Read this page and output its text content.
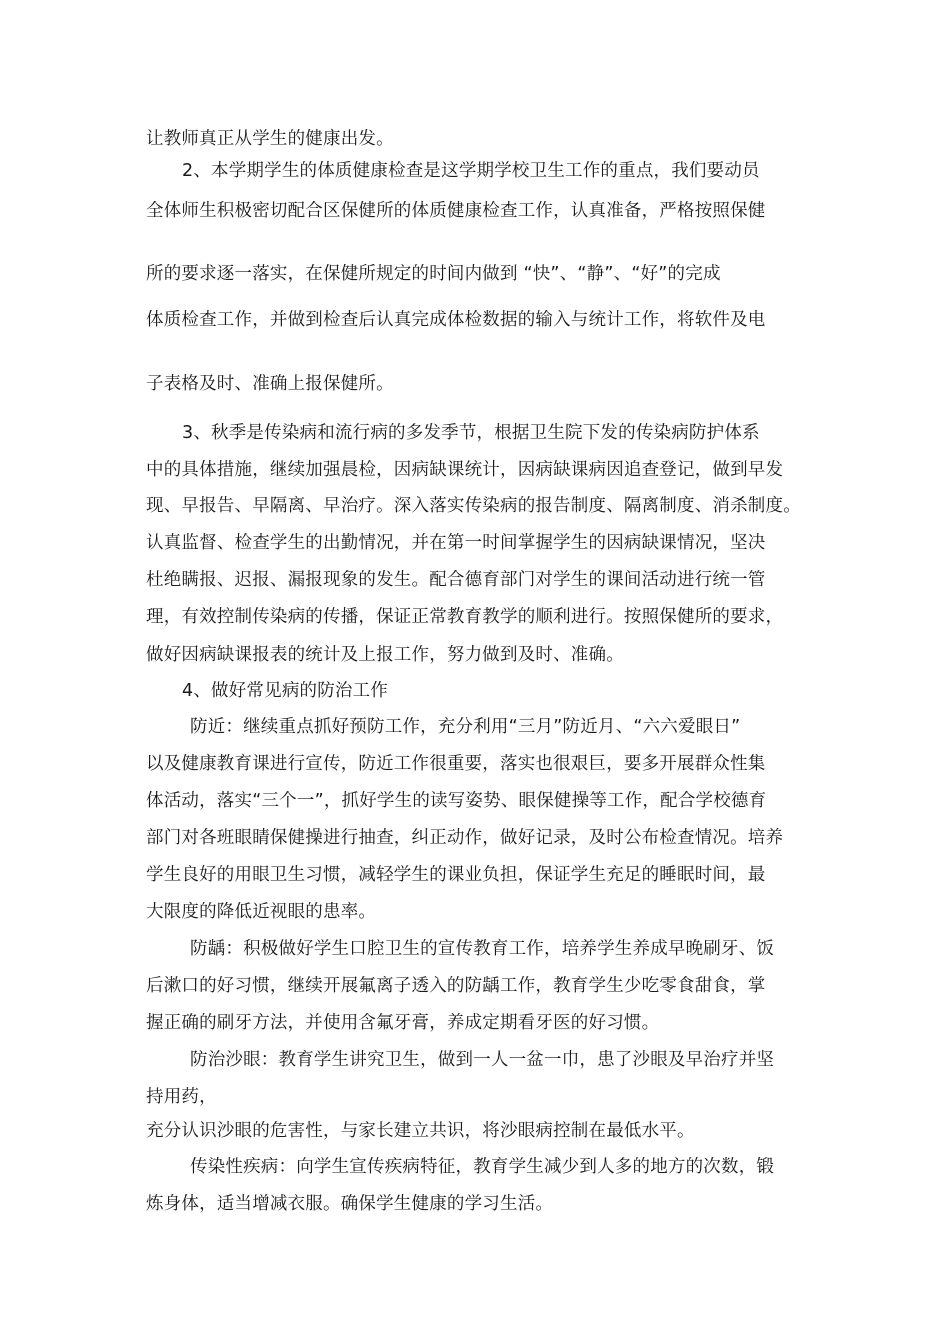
让教师真正从学生的健康出发。
2、本学期学生的体质健康检查是这学期学校卫生工作的重点，我们要动员
全体师生积极密切配合区保健所的体质健康检查工作，认真准备，严格按照保健
所的要求逐一落实，在保健所规定的时间内做到 “快”、“静”、“好”的完成
体质检查工作，并做到检查后认真完成体检数据的输入与统计工作，将软件及电
子表格及时、准确上报保健所。
3、秋季是传染病和流行病的多发季节，根据卫生院下发的传染病防护体系
中的具体措施，继续加强晨检，因病缺课统计，因病缺课病因追查登记，做到早发
现、早报告、早隔离、早治疗。深入落实传染病的报告制度、隔离制度、消杀制度。
认真监督、检查学生的出勤情况，并在第一时间掌握学生的因病缺课情况，坚决
杜绝瞒报、迟报、漏报现象的发生。配合德育部门对学生的课间活动进行统一管
理，有效控制传染病的传播，保证正常教育教学的顺利进行。按照保健所的要求，
做好因病缺课报表的统计及上报工作，努力做到及时、准确。
4、做好常见病的防治工作
防近：继续重点抓好预防工作，充分利用“三月”防近月、“六六爱眼日”
以及健康教育课进行宣传，防近工作很重要，落实也很艰巨，要多开展群众性集
体活动，落实“三个一”，抓好学生的读写姿势、眼保健操等工作，配合学校德育
部门对各班眼睛保健操进行抽查，纠正动作，做好记录，及时公布检查情况。培养
学生良好的用眼卫生习惯，减轻学生的课业负担，保证学生充足的睡眠时间，最
大限度的降低近视眼的患率。
防龋：积极做好学生口腔卫生的宣传教育工作，培养学生养成早晚刷牙、饭
后漱口的好习惯，继续开展氟离子透入的防龋工作，教育学生少吃零食甜食，掌
握正确的刷牙方法，并使用含氟牙膏，养成定期看牙医的好习惯。
防治沙眼：教育学生讲究卫生，做到一人一盆一巾，患了沙眼及早治疗并坚
持用药，
充分认识沙眼的危害性，与家长建立共识，将沙眼病控制在最低水平。
传染性疾病：向学生宣传疾病特征，教育学生减少到人多的地方的次数，锻
炼身体，适当增减衣服。确保学生健康的学习生活。
